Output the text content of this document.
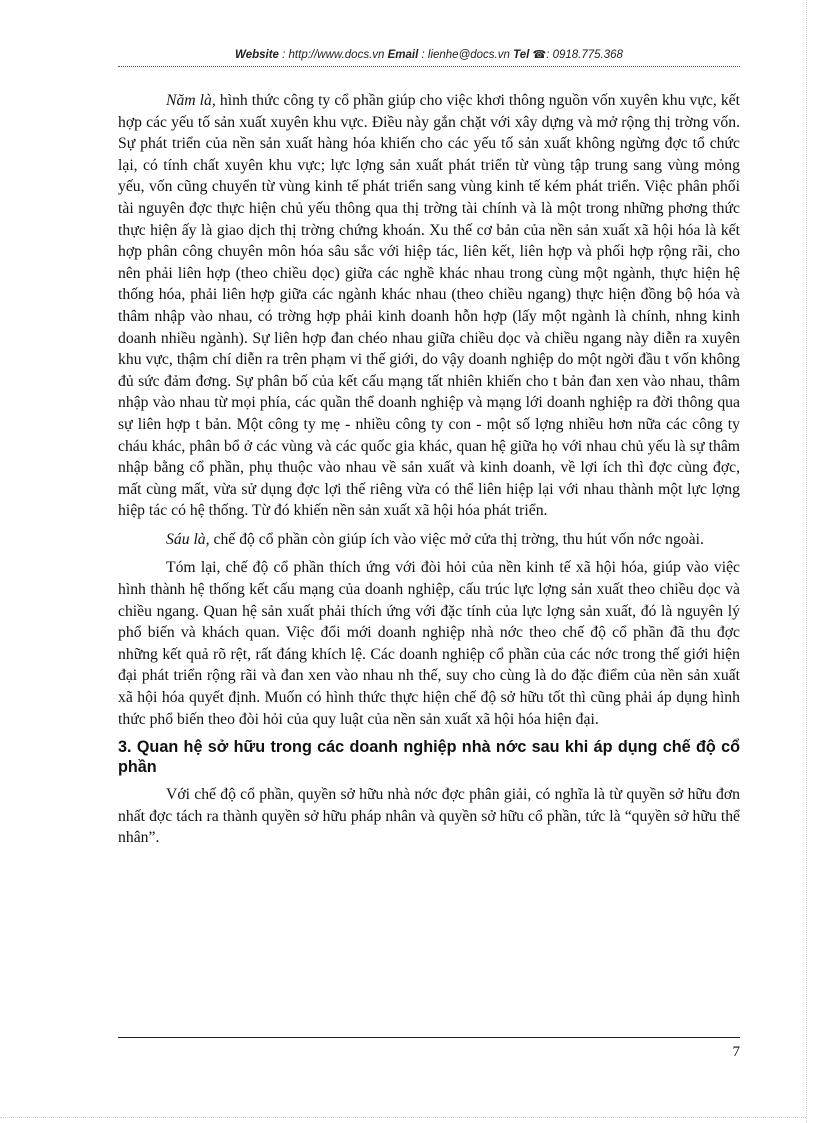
Website : http://www.docs.vn Email : lienhe@docs.vn Tel ☎: 0918.775.368

Năm là, hình thức công ty cổ phần giúp cho việc khơi thông nguồn vốn xuyên khu vực, kết hợp các yếu tố sản xuất xuyên khu vực. Điều này gắn chặt với xây dựng và mở rộng thị trờng vốn. Sự phát triển của nền sản xuất hàng hóa khiến cho các yếu tố sản xuất không ngừng đợc tổ chức lại, có tính chất xuyên khu vực; lực lợng sản xuất phát triển từ vùng tập trung sang vùng mỏng yếu, vốn cũng chuyển từ vùng kinh tế phát triển sang vùng kinh tế kém phát triển. Việc phân phối tài nguyên đợc thực hiện chủ yếu thông qua thị trờng tài chính và là một trong những phơng thức thực hiện ấy là giao dịch thị trờng chứng khoán. Xu thế cơ bản của nền sản xuất xã hội hóa là kết hợp phân công chuyên môn hóa sâu sắc với hiệp tác, liên kết, liên hợp và phối hợp rộng rãi, cho nên phải liên hợp (theo chiều dọc) giữa các nghề khác nhau trong cùng một ngành, thực hiện hệ thống hóa, phải liên hợp giữa các ngành khác nhau (theo chiều ngang) thực hiện đồng bộ hóa và thâm nhập vào nhau, có trờng hợp phải kinh doanh hỗn hợp (lấy một ngành là chính, nhng kinh doanh nhiều ngành). Sự liên hợp đan chéo nhau giữa chiều dọc và chiều ngang này diễn ra xuyên khu vực, thậm chí diễn ra trên phạm vi thế giới, do vậy doanh nghiệp do một ngời đầu t vốn không đủ sức đảm đơng. Sự phân bố của kết cấu mạng tất nhiên khiến cho t bản đan xen vào nhau, thâm nhập vào nhau từ mọi phía, các quần thể doanh nghiệp và mạng lới doanh nghiệp ra đời thông qua sự liên hợp t bản. Một công ty mẹ - nhiều công ty con - một số lợng nhiều hơn nữa các công ty cháu khác, phân bổ ở các vùng và các quốc gia khác, quan hệ giữa họ với nhau chủ yếu là sự thâm nhập bằng cổ phần, phụ thuộc vào nhau về sản xuất và kinh doanh, về lợi ích thì đợc cùng đợc, mất cùng mất, vừa sử dụng đợc lợi thế riêng vừa có thể liên hiệp lại với nhau thành một lực lợng hiệp tác có hệ thống. Từ đó khiến nền sản xuất xã hội hóa phát triển.

Sáu là, chế độ cổ phần còn giúp ích vào việc mở cửa thị trờng, thu hút vốn nớc ngoài.

Tóm lại, chế độ cổ phần thích ứng với đòi hỏi của nền kinh tế xã hội hóa, giúp vào việc hình thành hệ thống kết cấu mạng của doanh nghiệp, cấu trúc lực lợng sản xuất theo chiều dọc và chiều ngang. Quan hệ sản xuất phải thích ứng với đặc tính của lực lợng sản xuất, đó là nguyên lý phổ biến và khách quan. Việc đổi mới doanh nghiệp nhà nớc theo chế độ cổ phần đã thu đợc những kết quả rõ rệt, rất đáng khích lệ. Các doanh nghiệp cổ phần của các nớc trong thế giới hiện đại phát triển rộng rãi và đan xen vào nhau nh thế, suy cho cùng là do đặc điểm của nền sản xuất xã hội hóa quyết định. Muốn có hình thức thực hiện chế độ sở hữu tốt thì cũng phải áp dụng hình thức phổ biến theo đòi hỏi của quy luật của nền sản xuất xã hội hóa hiện đại.

3. Quan hệ sở hữu trong các doanh nghiệp nhà nớc sau khi áp dụng chế độ cổ phần

Với chế độ cổ phần, quyền sở hữu nhà nớc đợc phân giải, có nghĩa là từ quyền sở hữu đơn nhất đợc tách ra thành quyền sở hữu pháp nhân và quyền sở hữu cổ phần, tức là “quyền sở hữu thể nhân”.

7
